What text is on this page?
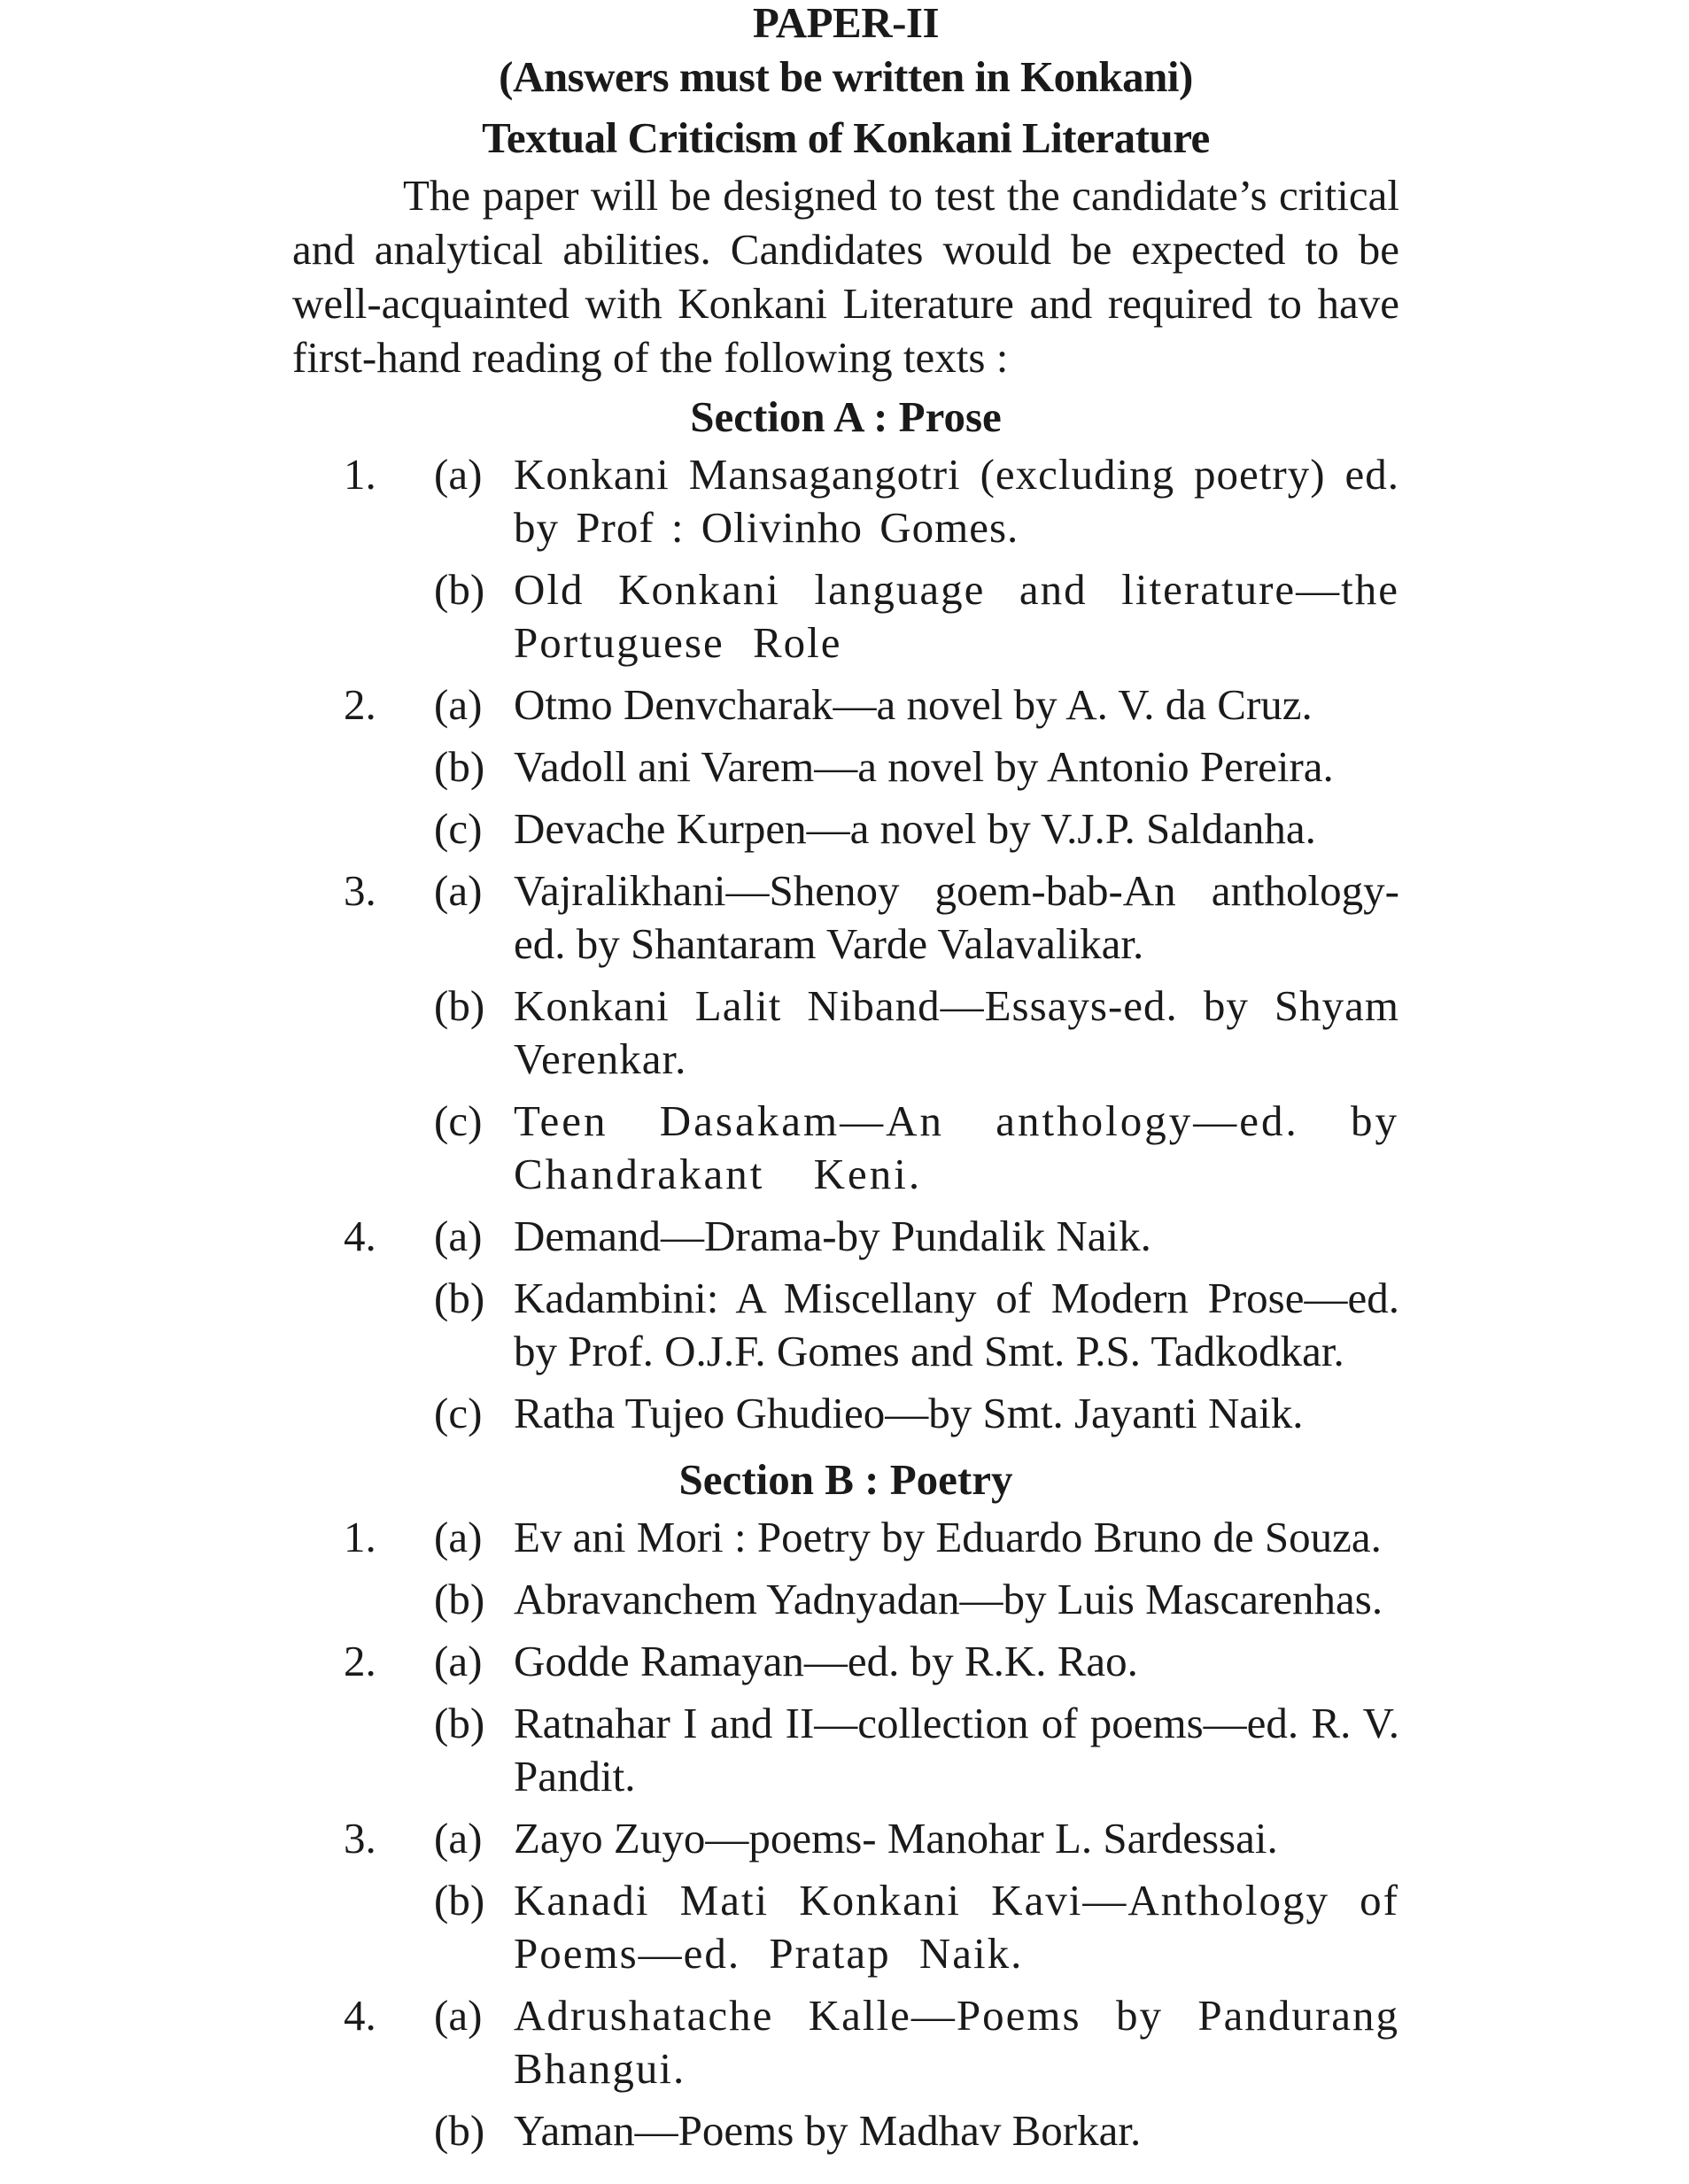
PAPER-II
(Answers must be written in Konkani)
Textual Criticism of Konkani Literature

The paper will be designed to test the candidate’s critical and analytical abilities. Candidates would be expected to be well-acquainted with Konkani Literature and required to have first-hand reading of the following texts :

Section A : Prose
1. (a) Konkani Mansagangotri (excluding poetry) ed. by Prof : Olivinho Gomes.
(b) Old Konkani language and literature—the Portuguese Role
2. (a) Otmo Denvcharak—a novel by A. V. da Cruz.
(b) Vadoll ani Varem—a novel by Antonio Pereira.
(c) Devache Kurpen—a novel by V.J.P. Saldanha.
3. (a) Vajralikhani—Shenoy goem-bab-An anthology-ed. by Shantaram Varde Valavalikar.
(b) Konkani Lalit Niband—Essays-ed. by Shyam Verenkar.
(c) Teen Dasakam—An anthology—ed. by Chandrakant Keni.
4. (a) Demand—Drama-by Pundalik Naik.
(b) Kadambini: A Miscellany of Modern Prose—ed. by Prof. O.J.F. Gomes and Smt. P.S. Tadkodkar.
(c) Ratha Tujeo Ghudieo—by Smt. Jayanti Naik.
Section B : Poetry
1. (a) Ev ani Mori : Poetry by Eduardo Bruno de Souza.
(b) Abravanchem Yadnyadan—by Luis Mascarenhas.
2. (a) Godde Ramayan—ed. by R.K. Rao.
(b) Ratnahar I and II—collection of poems—ed. R. V. Pandit.
3. (a) Zayo Zuyo—poems- Manohar L. Sardessai.
(b) Kanadi Mati Konkani Kavi—Anthology of Poems—ed. Pratap Naik.
4. (a) Adrushatache Kalle—Poems by Pandurang Bhangui.
(b) Yaman—Poems by Madhav Borkar.
